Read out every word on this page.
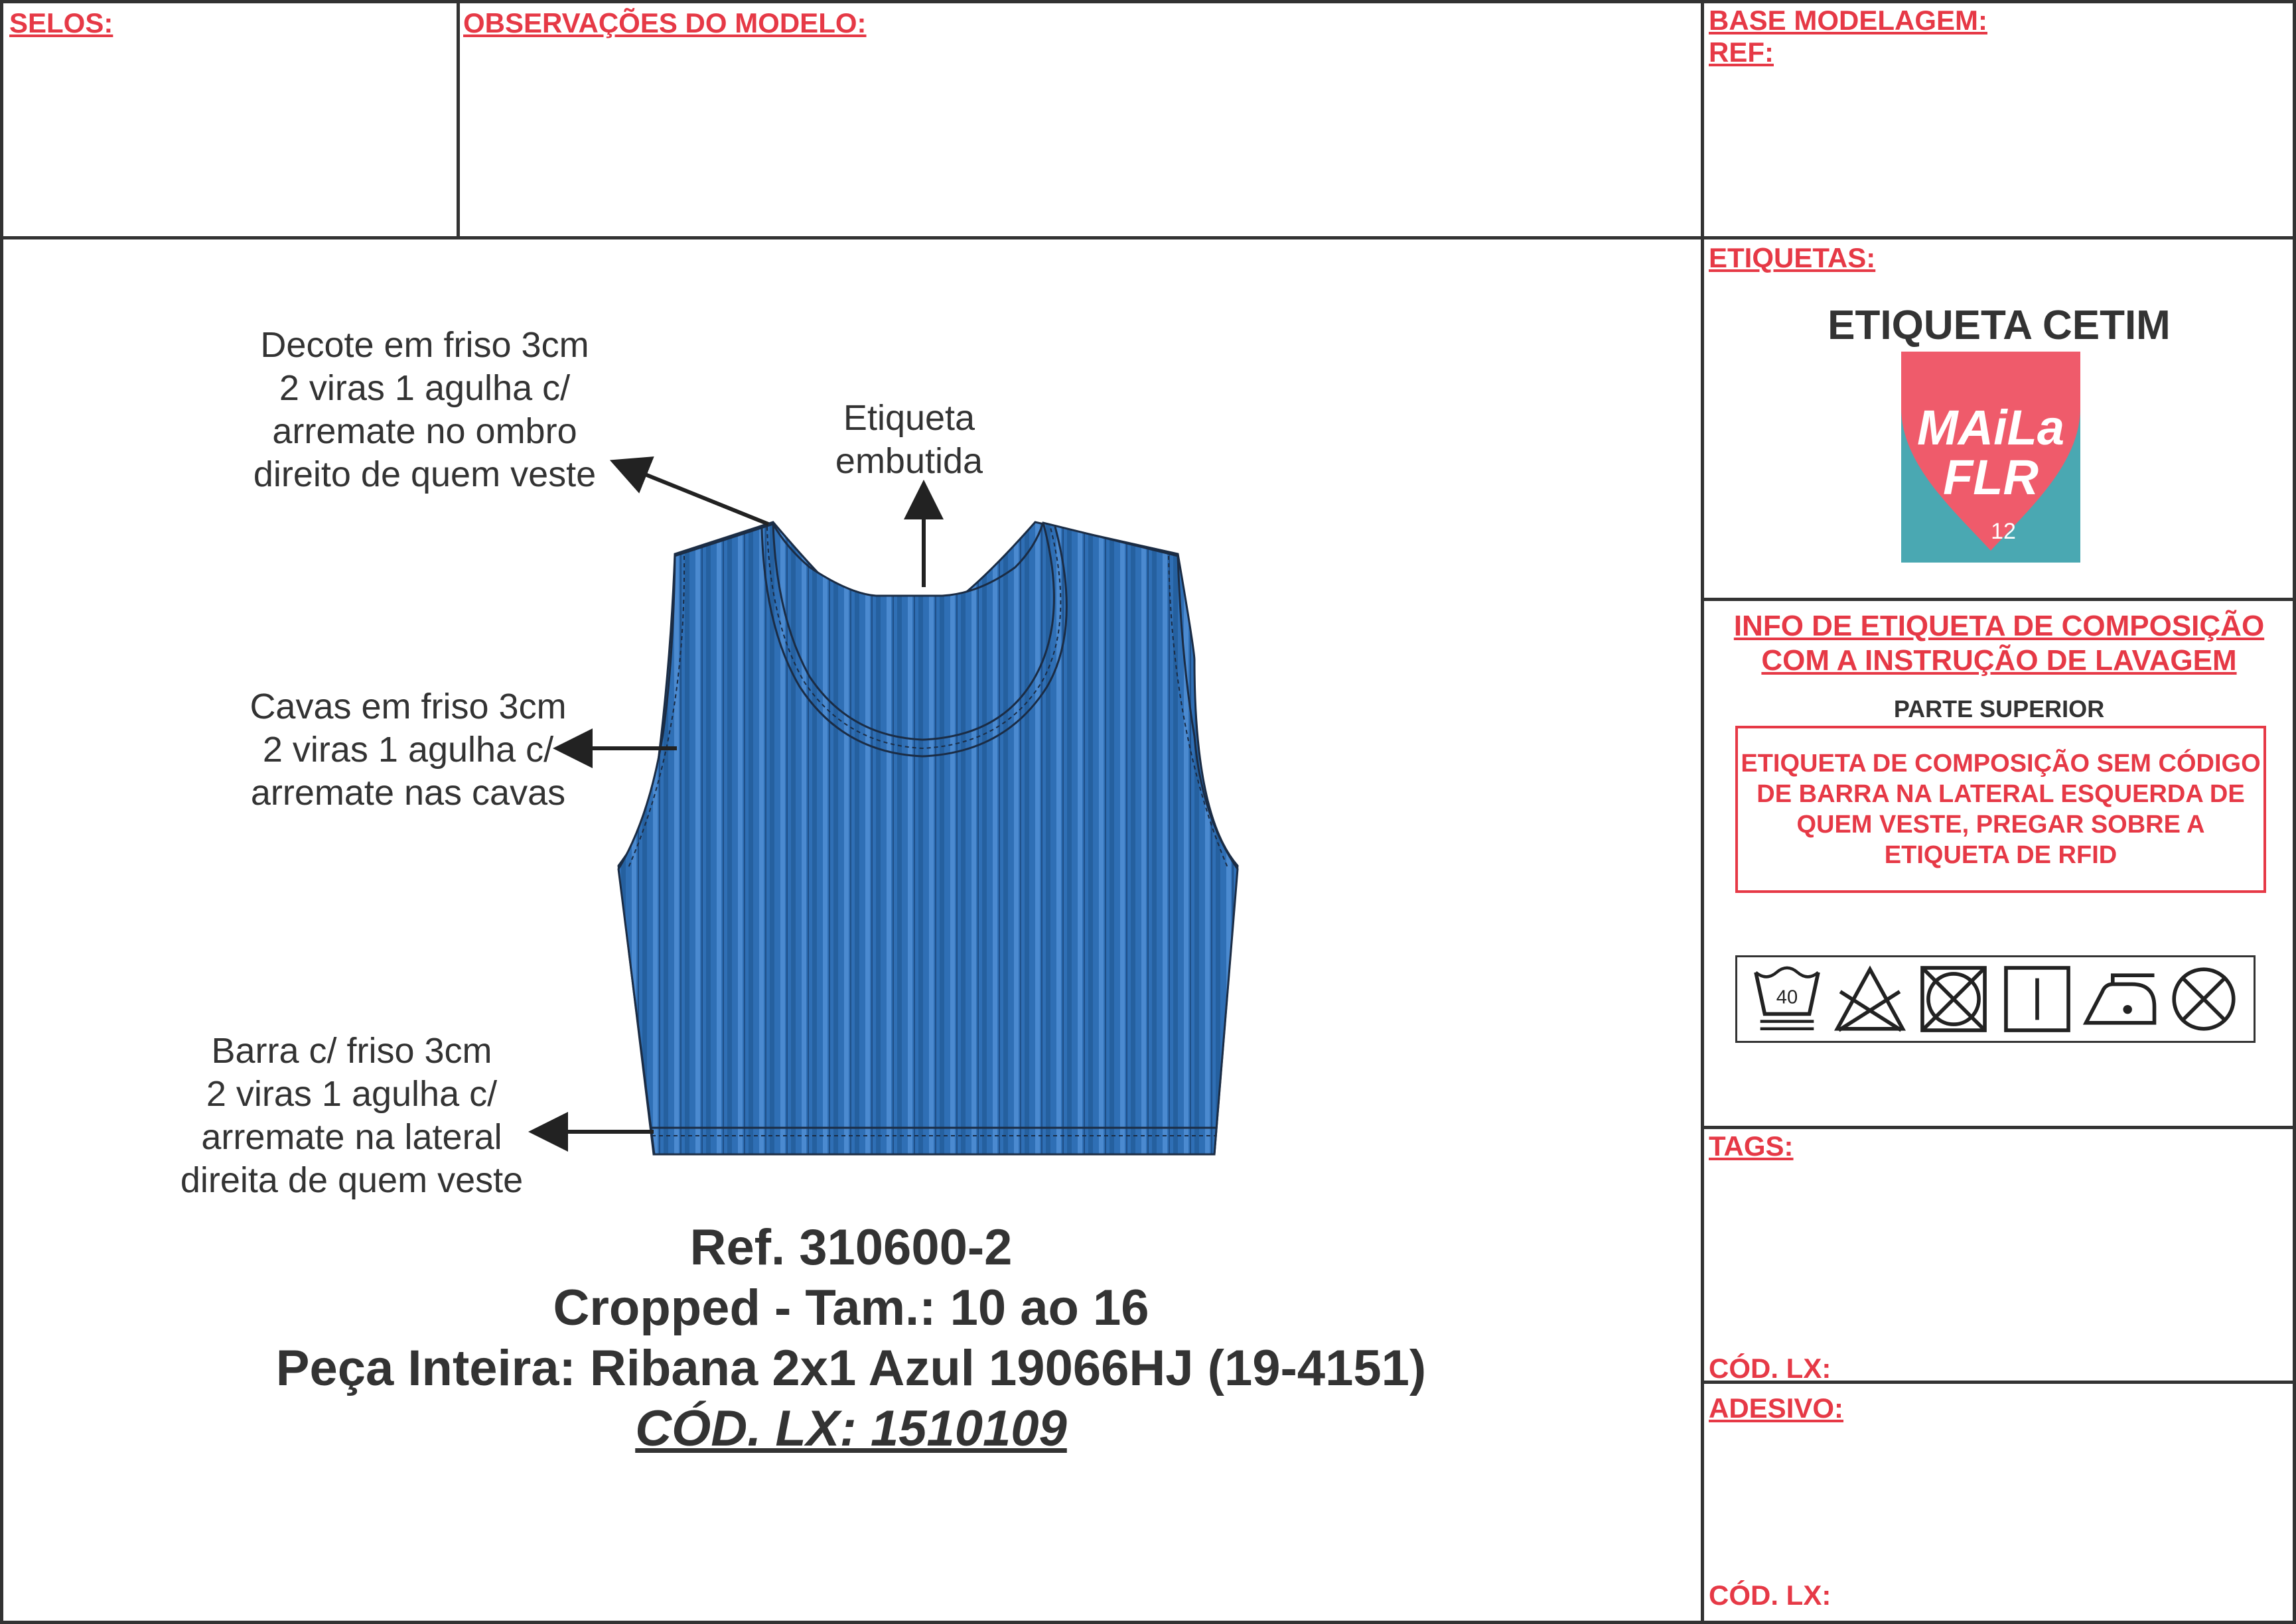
SELOS:	OBSERVAÇÕES DO MODELO:	BASE MODELAGEM:
REF:
ETIQUETAS:
ETIQUETA CETIM
MAiLa
FLR
12
INFO DE ETIQUETA DE COMPOSIÇÃO
COM A INSTRUÇÃO DE LAVAGEM
PARTE SUPERIOR
ETIQUETA DE COMPOSIÇÃO SEM CÓDIGO DE BARRA NA LATERAL ESQUERDA DE QUEM VESTE, PREGAR SOBRE A ETIQUETA DE RFID
40
TAGS:
CÓD. LX:
ADESIVO:
CÓD. LX:
Decote em friso 3cm
2 viras 1 agulha c/
arremate no ombro
direito de quem veste
Etiqueta
embutida
Cavas em friso 3cm
2 viras 1 agulha c/
arremate nas cavas
Barra c/ friso 3cm
2 viras 1 agulha c/
arremate na lateral
direita de quem veste
Ref. 310600-2
Cropped - Tam.: 10 ao 16
Peça Inteira: Ribana 2x1 Azul 19066HJ (19-4151)
CÓD. LX: 1510109
